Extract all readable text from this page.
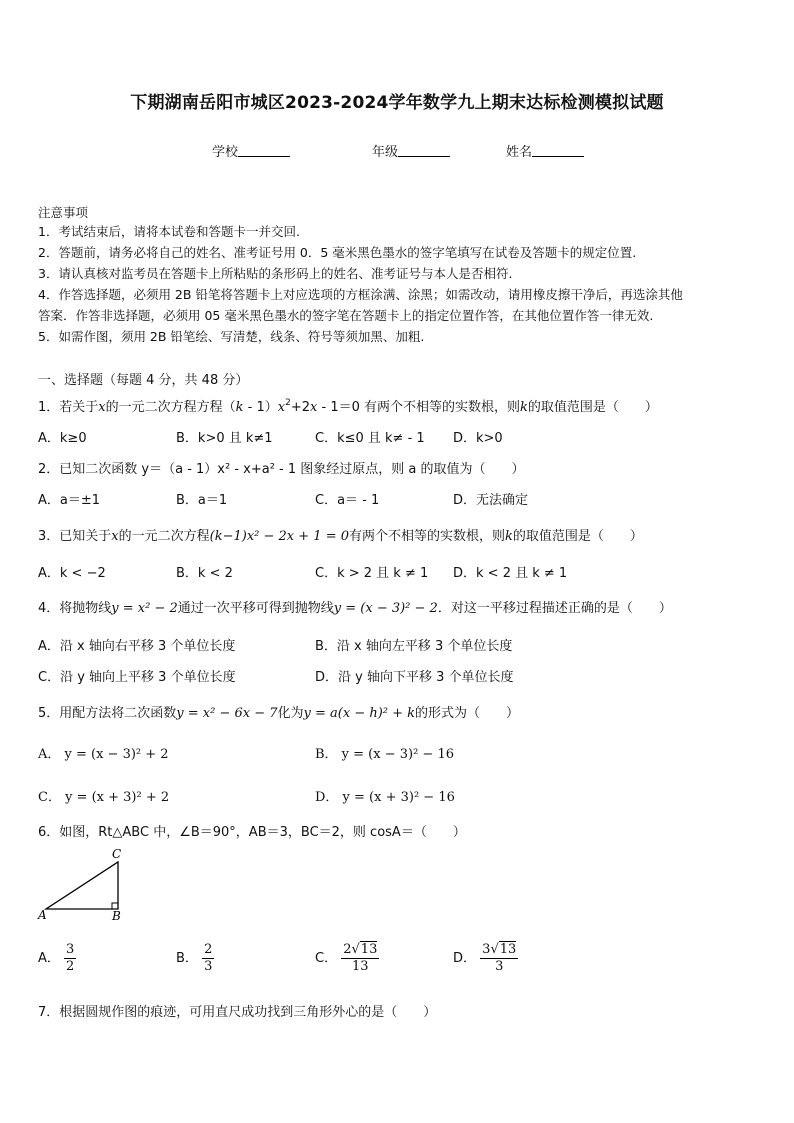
下期湖南岳阳市城区2023-2024学年数学九上期末达标检测模拟试题
学校	年级	姓名
注意事项
1．考试结束后，请将本试卷和答题卡一并交回.
2．答题前，请务必将自己的姓名、准考证号用 0．5 毫米黑色墨水的签字笔填写在试卷及答题卡的规定位置.
3．请认真核对监考员在答题卡上所粘贴的条形码上的姓名、准考证号与本人是否相符.
4．作答选择题，必须用 2B 铅笔将答题卡上对应选项的方框涂满、涂黑；如需改动，请用橡皮擦干净后，再选涂其他
答案．作答非选择题，必须用 05 毫米黑色墨水的签字笔在答题卡上的指定位置作答，在其他位置作答一律无效.
5．如需作图，须用 2B 铅笔绘、写清楚，线条、符号等须加黑、加粗.
一、选择题（每题 4 分，共 48 分）
1．若关于x的一元二次方程方程$(k - 1)x^2+2x - 1=0$ 有两个不相等的实数根，则k的取值范围是（　　）
A．k≥0	B．k>0 且 k≠1	C．k≤0 且 k≠ - 1 D．k>0
2．已知二次函数 y＝（a - 1）x² - x+a² - 1 图象经过原点，则 a 的取值为（　　）
A．a＝±1	B．a＝1	C．a＝ - 1	D．无法确定
3．已知关于x的一元二次方程(k−1)x² − 2x + 1 = 0有两个不相等的实数根，则k的取值范围是（　　）
A．k < −2	B．k < 2	C．k > 2 且 k ≠ 1 D．k < 2 且 k ≠ 1
4．将抛物线y = x² − 2通过一次平移可得到抛物线y = (x − 3)² − 2．对这一平移过程描述正确的是（　　）
A．沿 x 轴向右平移 3 个单位长度	B．沿 x 轴向左平移 3 个单位长度
C．沿 y 轴向上平移 3 个单位长度	D．沿 y 轴向下平移 3 个单位长度
5．用配方法将二次函数y = x² − 6x − 7化为y = a(x − h)² + k的形式为（　　）
A． y = (x − 3)² + 2	B． y = (x − 3)² − 16
C． y = (x + 3)² + 2	D． y = (x + 3)² − 16
6．如图，Rt△ABC 中，∠B＝90°，AB＝3，BC＝2，则 cosA＝（　　）
C
A	B
A． $\frac{3}{2}$	B． $\frac{2}{3}$	C． $\frac{2√13}{13}$	D． $\frac{3√13}{3}$
7．根据圆规作图的痕迹，可用直尺成功找到三角形外心的是（　　）
